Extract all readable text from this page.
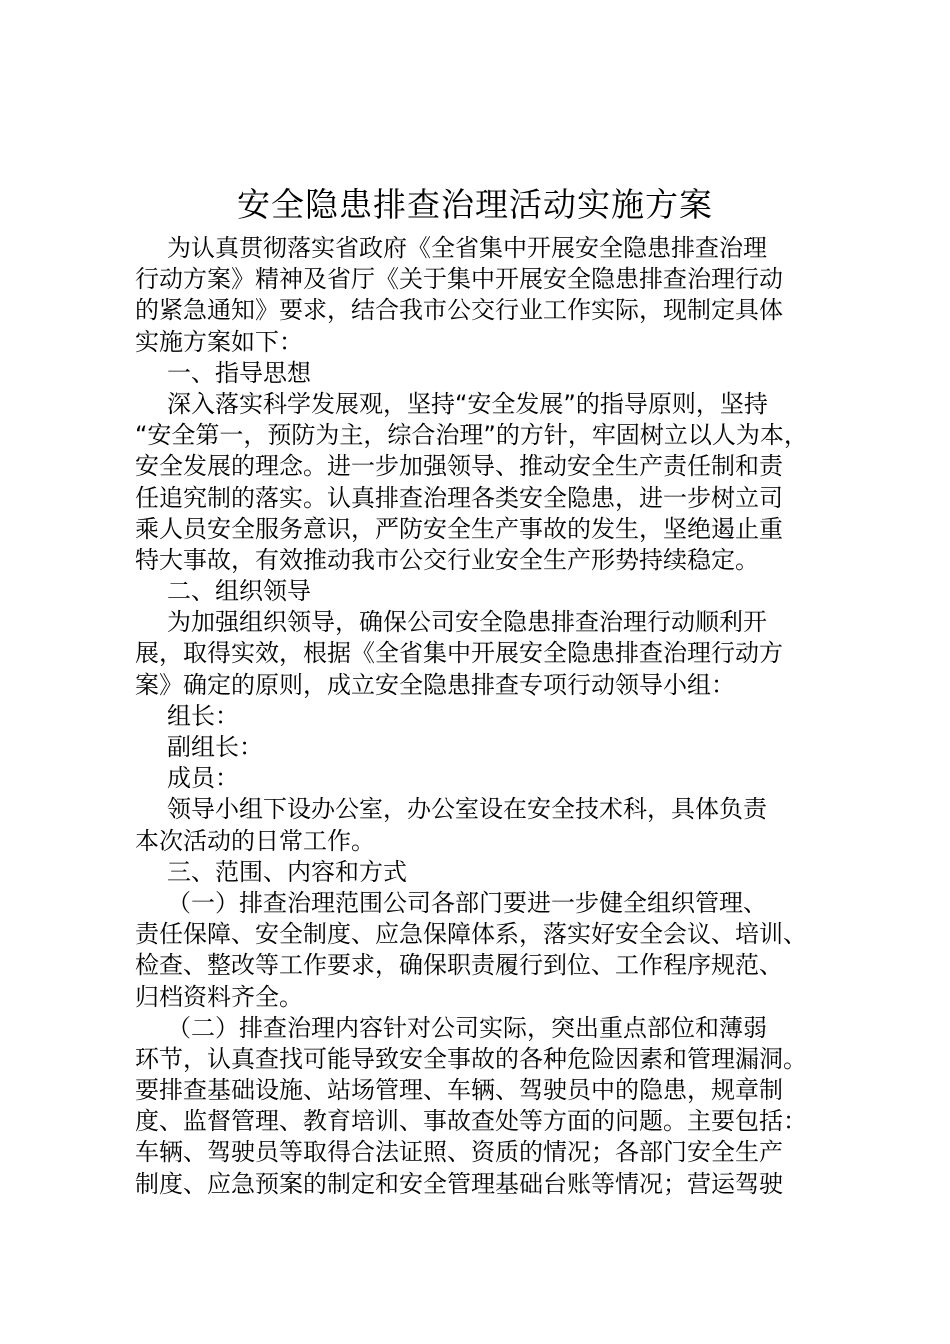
安全隐患排查治理活动实施方案
为认真贯彻落实省政府《全省集中开展安全隐患排查治理
行动方案》精神及省厅《关于集中开展安全隐患排查治理行动
的紧急通知》要求，结合我市公交行业工作实际，现制定具体
实施方案如下：
一、指导思想
深入落实科学发展观，坚持“安全发展”的指导原则，坚持
“安全第一，预防为主，综合治理”的方针，牢固树立以人为本，
安全发展的理念。进一步加强领导、推动安全生产责任制和责
任追究制的落实。认真排查治理各类安全隐患，进一步树立司
乘人员安全服务意识，严防安全生产事故的发生，坚绝遏止重
特大事故，有效推动我市公交行业安全生产形势持续稳定。
二、组织领导
为加强组织领导，确保公司安全隐患排查治理行动顺利开
展，取得实效，根据《全省集中开展安全隐患排查治理行动方
案》确定的原则，成立安全隐患排查专项行动领导小组：
组长：
副组长：
成员：
领导小组下设办公室，办公室设在安全技术科，具体负责
本次活动的日常工作。
三、范围、内容和方式
（一）排查治理范围公司各部门要进一步健全组织管理、
责任保障、安全制度、应急保障体系，落实好安全会议、培训、
检查、整改等工作要求，确保职责履行到位、工作程序规范、
归档资料齐全。
（二）排查治理内容针对公司实际，突出重点部位和薄弱
环节，认真查找可能导致安全事故的各种危险因素和管理漏洞。
要排查基础设施、站场管理、车辆、驾驶员中的隐患，规章制
度、监督管理、教育培训、事故查处等方面的问题。主要包括：
车辆、驾驶员等取得合法证照、资质的情况；各部门安全生产
制度、应急预案的制定和安全管理基础台账等情况；营运驾驶
